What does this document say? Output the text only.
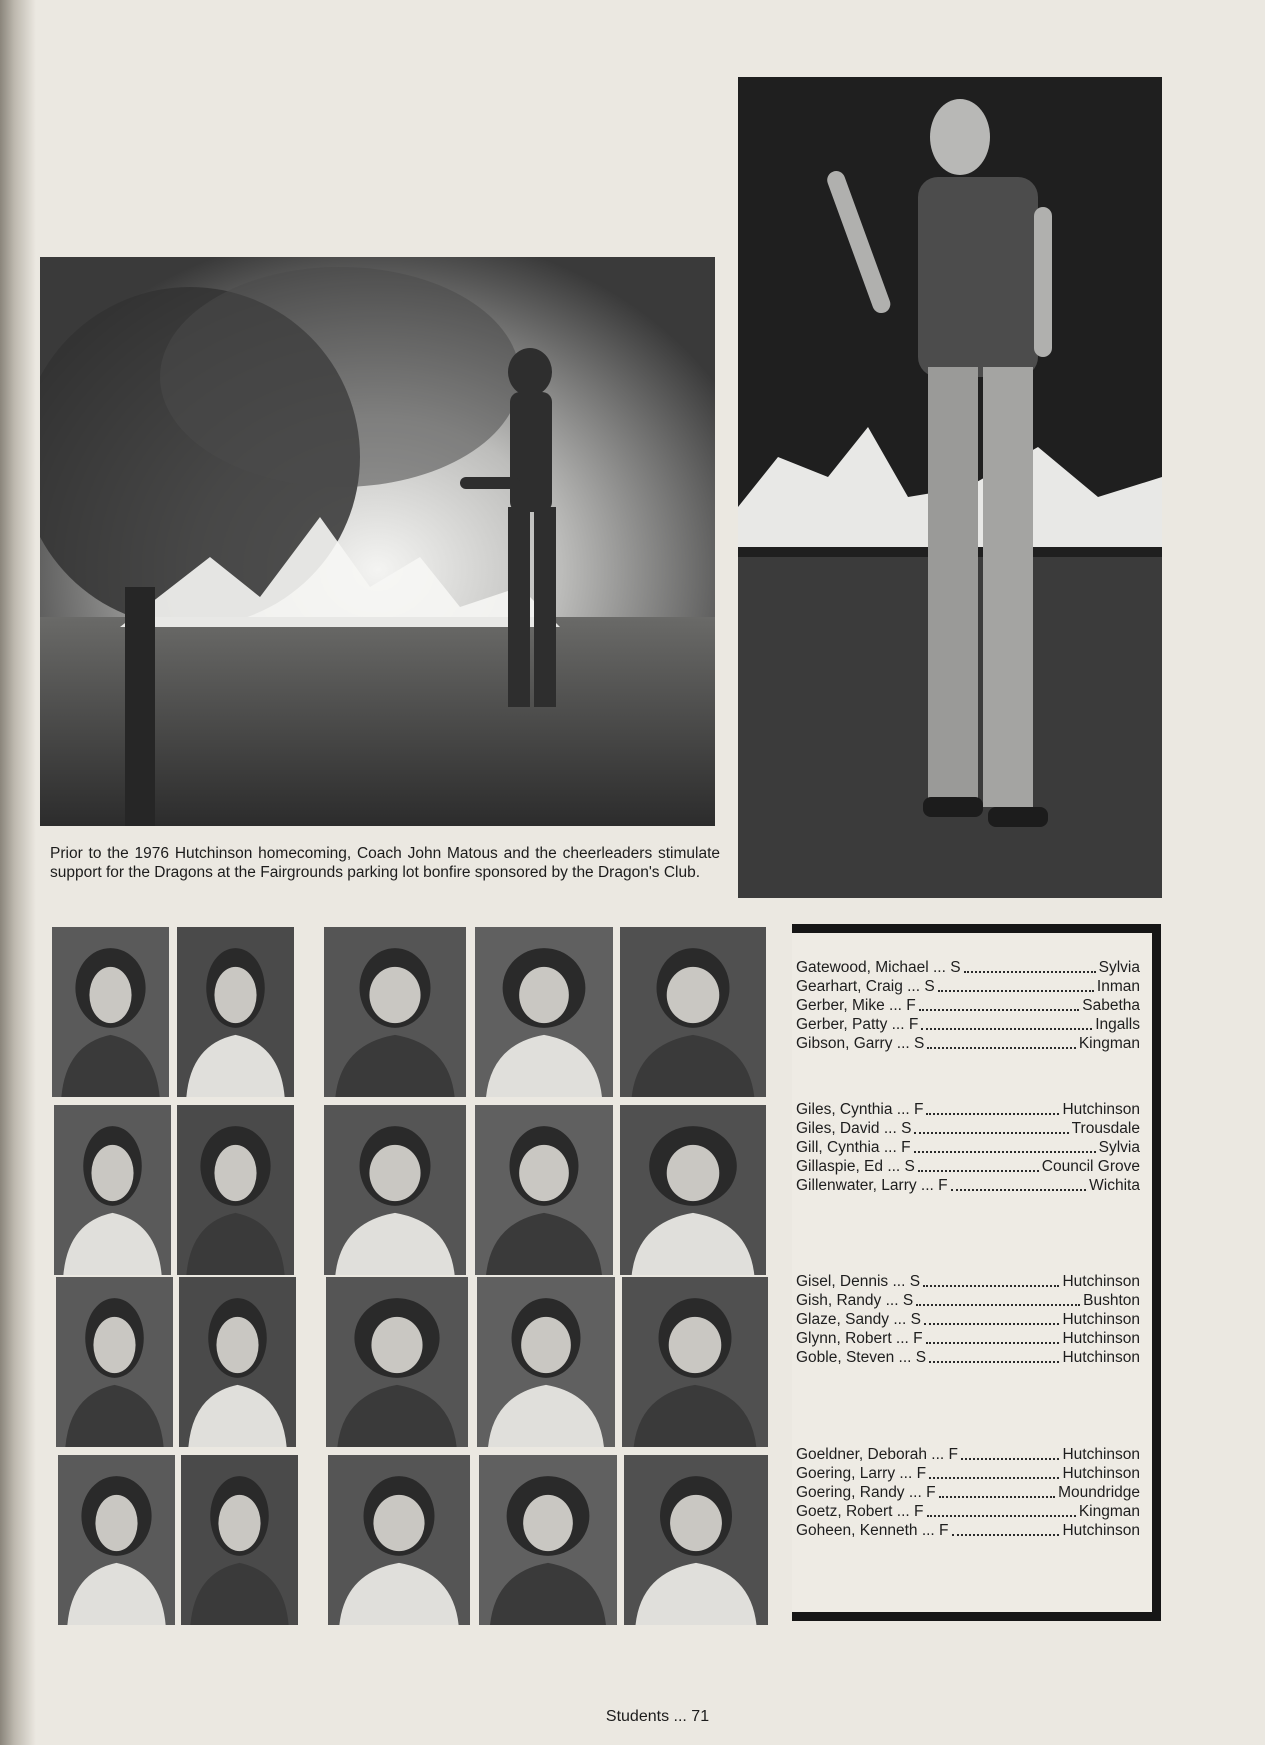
Prior to the 1976 Hutchinson homecoming, Coach John Matous and the cheerleaders stimulate support for the Dragons at the Fairgrounds parking lot bonfire sponsored by the Dragon's Club.
Gatewood, Michael ... S	Sylvia
Gearhart, Craig ... S	Inman
Gerber, Mike ... F	Sabetha
Gerber, Patty ... F	Ingalls
Gibson, Garry ... S	Kingman
Giles, Cynthia ... F	Hutchinson
Giles, David ... S	Trousdale
Gill, Cynthia ... F	Sylvia
Gillaspie, Ed ... S	Council Grove
Gillenwater, Larry ... F	Wichita
Gisel, Dennis ... S	Hutchinson
Gish, Randy ... S	Bushton
Glaze, Sandy ... S	Hutchinson
Glynn, Robert ... F	Hutchinson
Goble, Steven ... S	Hutchinson
Goeldner, Deborah ... F	Hutchinson
Goering, Larry ... F	Hutchinson
Goering, Randy ... F	Moundridge
Goetz, Robert ... F	Kingman
Goheen, Kenneth ... F	Hutchinson
Students ... 71
